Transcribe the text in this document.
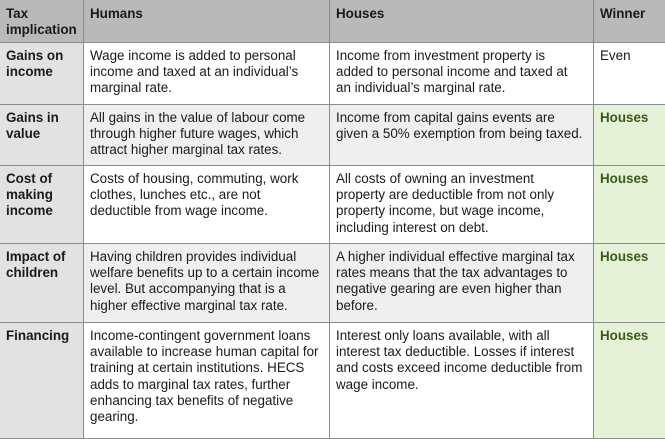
Tax implication	Humans	Houses	Winner
Gains on income	Wage income is added to personal income and taxed at an individual’s marginal rate.	Income from investment property is added to personal income and taxed at an individual’s marginal rate.	Even
Gains in value	All gains in the value of labour come through higher future wages, which attract higher marginal tax rates.	Income from capital gains events are given a 50% exemption from being taxed.	Houses
Cost of making income	Costs of housing, commuting, work clothes, lunches etc., are not deductible from wage income.	All costs of owning an investment property are deductible from not only property income, but wage income, including interest on debt.	Houses
Impact of children	Having children provides individual welfare benefits up to a certain income level. But accompanying that is a higher effective marginal tax rate.	A higher individual effective marginal tax rates means that the tax advantages to negative gearing are even higher than before.	Houses
Financing	Income-contingent government loans available to increase human capital for training at certain institutions. HECS adds to marginal tax rates, further enhancing tax benefits of negative gearing.	Interest only loans available, with all interest tax deductible. Losses if interest and costs exceed income deductible from wage income.	Houses
